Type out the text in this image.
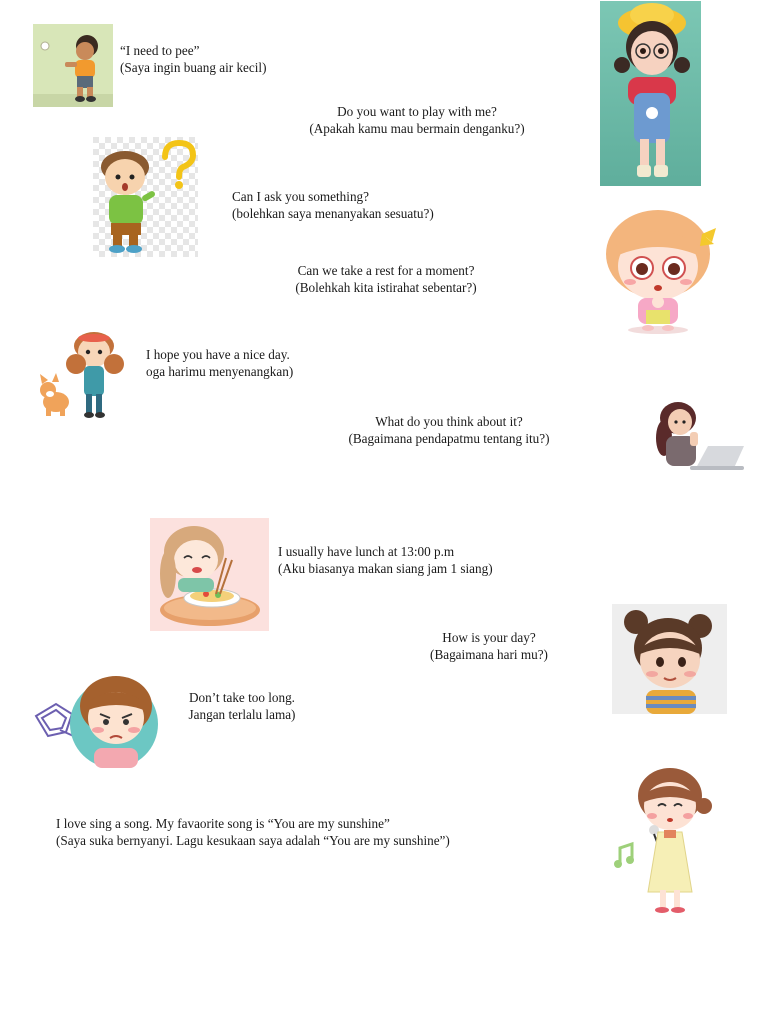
“I need to pee”
(Saya ingin buang air kecil)
Do you want to play with me?
(Apakah kamu mau bermain denganku?)
Can I ask you something?
(bolehkan saya menanyakan sesuatu?)
Can we take a rest for a moment?
(Bolehkah kita istirahat sebentar?)
I hope you have a nice day.
oga harimu menyenangkan)
What do you think about it?
(Bagaimana pendapatmu tentang itu?)
I usually have lunch at 13:00 p.m
(Aku biasanya makan siang jam 1 siang)
How is your day?
(Bagaimana hari mu?)
Don’t take too long.
Jangan terlalu lama)
I love sing a song. My favaorite song is “You are my sunshine”
(Saya suka bernyanyi. Lagu kesukaan saya adalah “You are my sunshine”)
